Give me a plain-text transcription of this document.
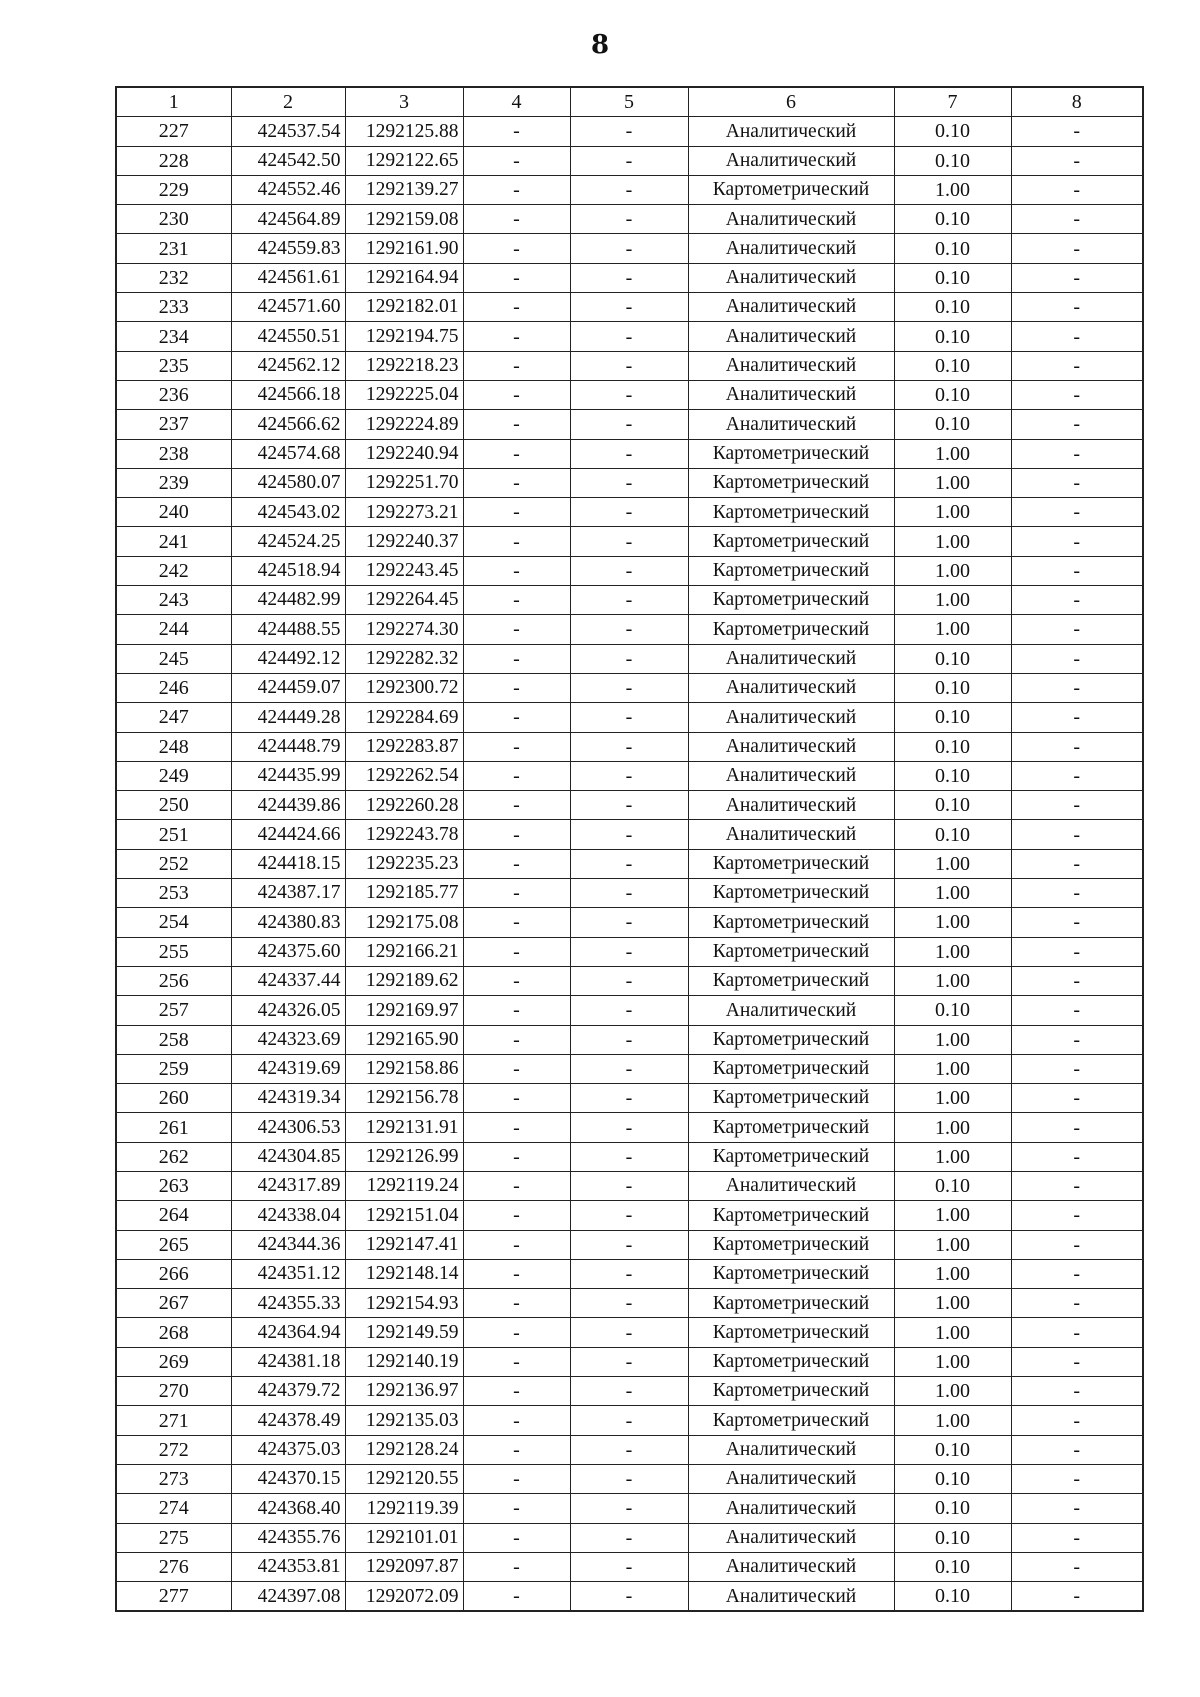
8
1	2	3	4	5	6	7	8
227	424537.54	1292125.88	-	-	Аналитический	0.10	-
228	424542.50	1292122.65	-	-	Аналитический	0.10	-
229	424552.46	1292139.27	-	-	Картометрический	1.00	-
230	424564.89	1292159.08	-	-	Аналитический	0.10	-
231	424559.83	1292161.90	-	-	Аналитический	0.10	-
232	424561.61	1292164.94	-	-	Аналитический	0.10	-
233	424571.60	1292182.01	-	-	Аналитический	0.10	-
234	424550.51	1292194.75	-	-	Аналитический	0.10	-
235	424562.12	1292218.23	-	-	Аналитический	0.10	-
236	424566.18	1292225.04	-	-	Аналитический	0.10	-
237	424566.62	1292224.89	-	-	Аналитический	0.10	-
238	424574.68	1292240.94	-	-	Картометрический	1.00	-
239	424580.07	1292251.70	-	-	Картометрический	1.00	-
240	424543.02	1292273.21	-	-	Картометрический	1.00	-
241	424524.25	1292240.37	-	-	Картометрический	1.00	-
242	424518.94	1292243.45	-	-	Картометрический	1.00	-
243	424482.99	1292264.45	-	-	Картометрический	1.00	-
244	424488.55	1292274.30	-	-	Картометрический	1.00	-
245	424492.12	1292282.32	-	-	Аналитический	0.10	-
246	424459.07	1292300.72	-	-	Аналитический	0.10	-
247	424449.28	1292284.69	-	-	Аналитический	0.10	-
248	424448.79	1292283.87	-	-	Аналитический	0.10	-
249	424435.99	1292262.54	-	-	Аналитический	0.10	-
250	424439.86	1292260.28	-	-	Аналитический	0.10	-
251	424424.66	1292243.78	-	-	Аналитический	0.10	-
252	424418.15	1292235.23	-	-	Картометрический	1.00	-
253	424387.17	1292185.77	-	-	Картометрический	1.00	-
254	424380.83	1292175.08	-	-	Картометрический	1.00	-
255	424375.60	1292166.21	-	-	Картометрический	1.00	-
256	424337.44	1292189.62	-	-	Картометрический	1.00	-
257	424326.05	1292169.97	-	-	Аналитический	0.10	-
258	424323.69	1292165.90	-	-	Картометрический	1.00	-
259	424319.69	1292158.86	-	-	Картометрический	1.00	-
260	424319.34	1292156.78	-	-	Картометрический	1.00	-
261	424306.53	1292131.91	-	-	Картометрический	1.00	-
262	424304.85	1292126.99	-	-	Картометрический	1.00	-
263	424317.89	1292119.24	-	-	Аналитический	0.10	-
264	424338.04	1292151.04	-	-	Картометрический	1.00	-
265	424344.36	1292147.41	-	-	Картометрический	1.00	-
266	424351.12	1292148.14	-	-	Картометрический	1.00	-
267	424355.33	1292154.93	-	-	Картометрический	1.00	-
268	424364.94	1292149.59	-	-	Картометрический	1.00	-
269	424381.18	1292140.19	-	-	Картометрический	1.00	-
270	424379.72	1292136.97	-	-	Картометрический	1.00	-
271	424378.49	1292135.03	-	-	Картометрический	1.00	-
272	424375.03	1292128.24	-	-	Аналитический	0.10	-
273	424370.15	1292120.55	-	-	Аналитический	0.10	-
274	424368.40	1292119.39	-	-	Аналитический	0.10	-
275	424355.76	1292101.01	-	-	Аналитический	0.10	-
276	424353.81	1292097.87	-	-	Аналитический	0.10	-
277	424397.08	1292072.09	-	-	Аналитический	0.10	-
